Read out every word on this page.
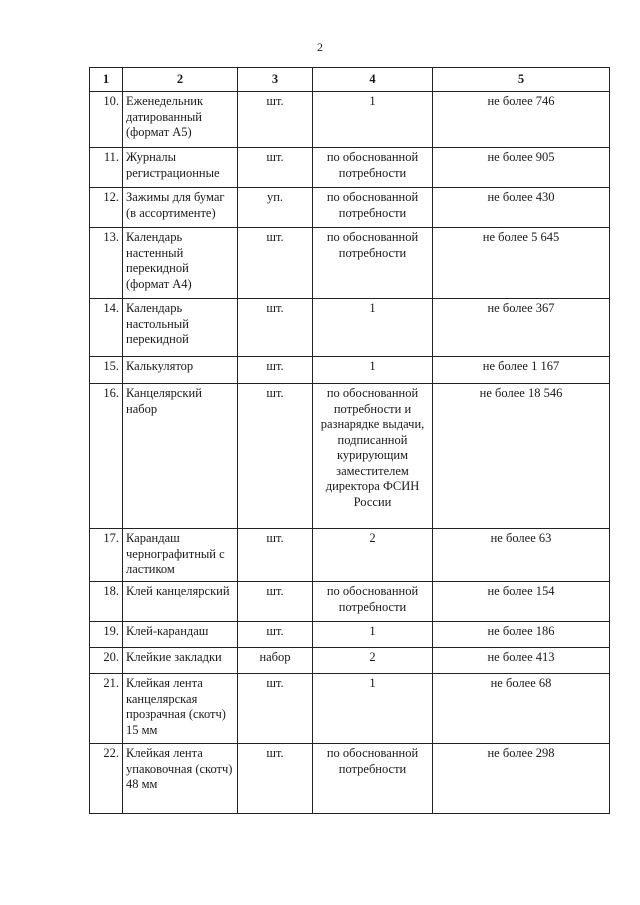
2
1	2	3	4	5
10.	Еженедельник датированный (формат А5)	шт.	1	не более 746
11.	Журналы регистрационные	шт.	по обоснованной потребности	не более 905
12.	Зажимы для бумаг (в ассортименте)	уп.	по обоснованной потребности	не более 430
13.	Календарь настенный перекидной (формат А4)	шт.	по обоснованной потребности	не более 5 645
14.	Календарь настольный перекидной	шт.	1	не более 367
15.	Калькулятор	шт.	1	не более 1 167
16.	Канцелярский набор	шт.	по обоснованной потребности и разнарядке выдачи, подписанной курирующим заместителем директора ФСИН России	не более 18 546
17.	Карандаш чернографитный с ластиком	шт.	2	не более 63
18.	Клей канцелярский	шт.	по обоснованной потребности	не более 154
19.	Клей-карандаш	шт.	1	не более 186
20.	Клейкие закладки	набор	2	не более 413
21.	Клейкая лента канцелярская прозрачная (скотч) 15 мм	шт.	1	не более 68
22.	Клейкая лента упаковочная (скотч) 48 мм	шт.	по обоснованной потребности	не более 298
